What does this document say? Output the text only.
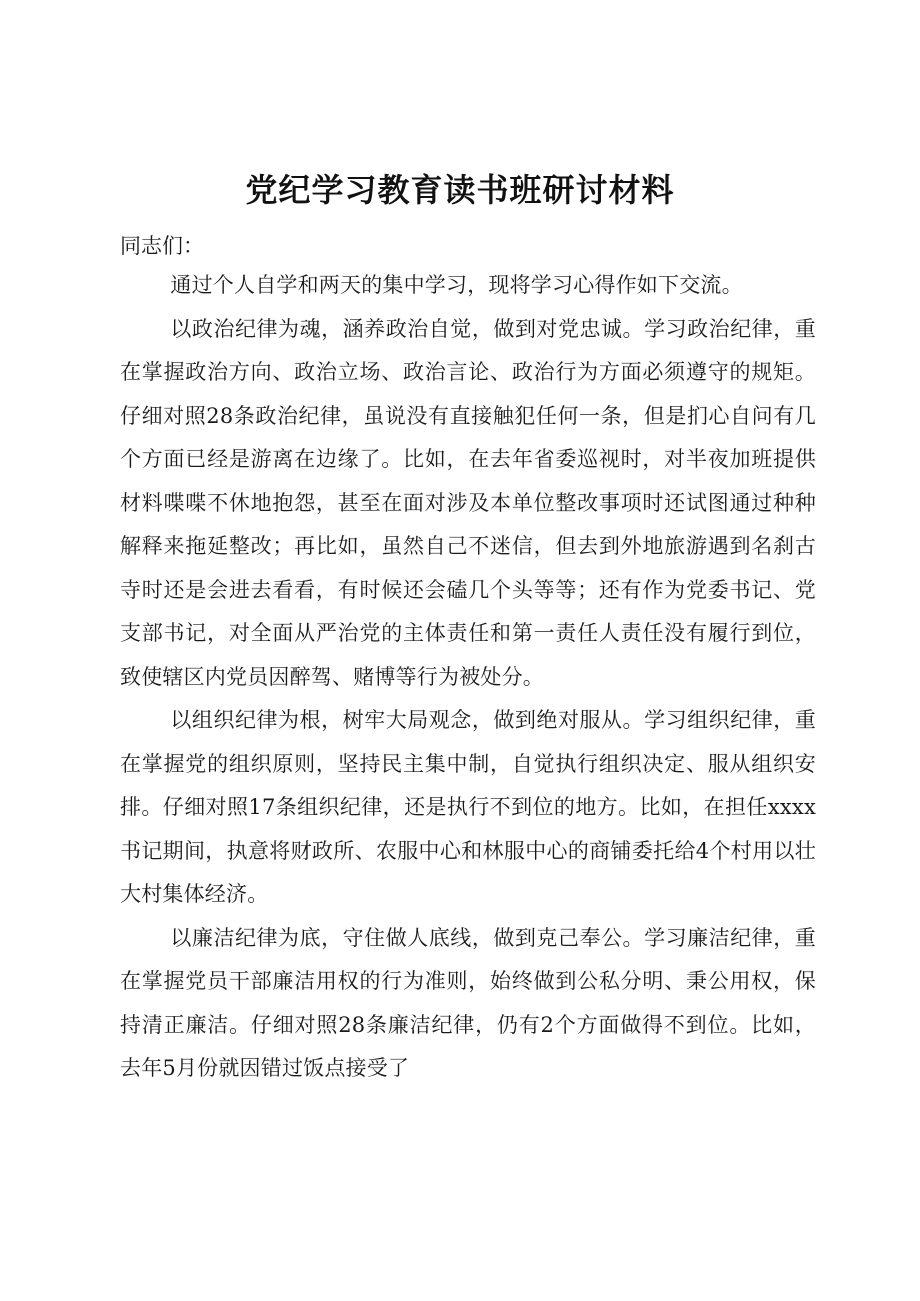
党纪学习教育读书班研讨材料

同志们：

通过个人自学和两天的集中学习，现将学习心得作如下交流。

以政治纪律为魂，涵养政治自觉，做到对党忠诚。学习政治纪律，重在掌握政治方向、政治立场、政治言论、政治行为方面必须遵守的规矩。仔细对照28条政治纪律，虽说没有直接触犯任何一条，但是扪心自问有几个方面已经是游离在边缘了。比如，在去年省委巡视时，对半夜加班提供材料喋喋不休地抱怨，甚至在面对涉及本单位整改事项时还试图通过种种解释来拖延整改；再比如，虽然自己不迷信，但去到外地旅游遇到名刹古寺时还是会进去看看，有时候还会磕几个头等等；还有作为党委书记、党支部书记，对全面从严治党的主体责任和第一责任人责任没有履行到位，致使辖区内党员因醉驾、赌博等行为被处分。

以组织纪律为根，树牢大局观念，做到绝对服从。学习组织纪律，重在掌握党的组织原则，坚持民主集中制，自觉执行组织决定、服从组织安排。仔细对照17条组织纪律，还是执行不到位的地方。比如，在担任xxxx书记期间，执意将财政所、农服中心和林服中心的商铺委托给4个村用以壮大村集体经济。

以廉洁纪律为底，守住做人底线，做到克己奉公。学习廉洁纪律，重在掌握党员干部廉洁用权的行为准则，始终做到公私分明、秉公用权，保持清正廉洁。仔细对照28条廉洁纪律，仍有2个方面做得不到位。比如，去年5月份就因错过饭点接受了
